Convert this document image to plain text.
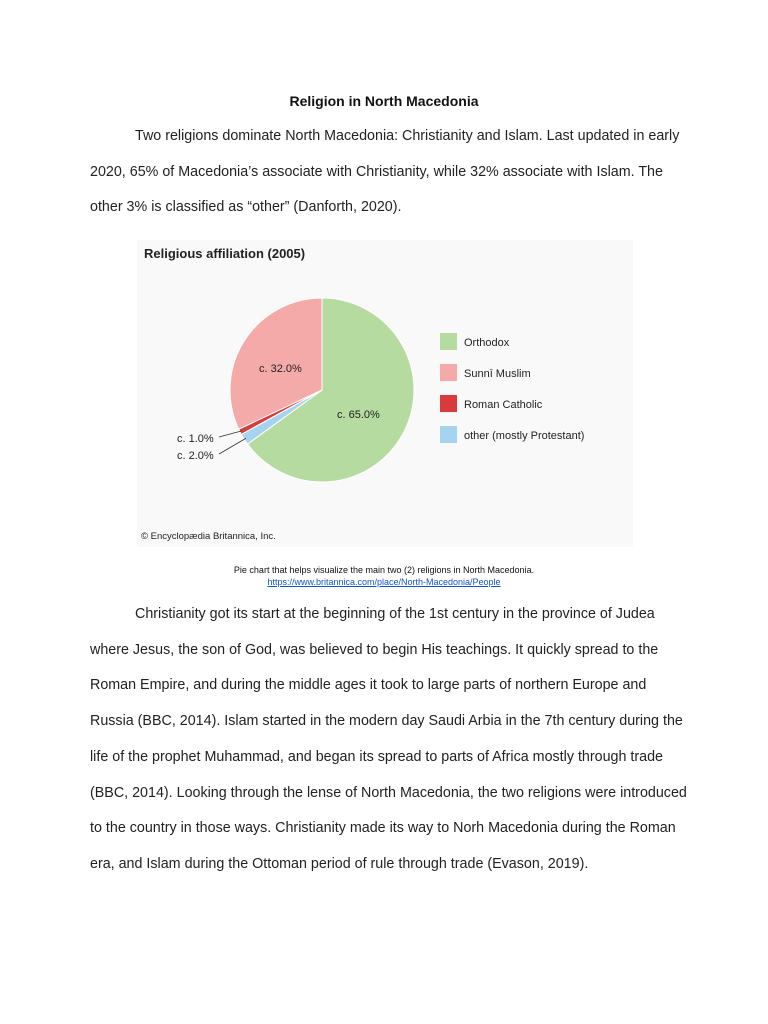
Religion in North Macedonia

Two religions dominate North Macedonia: Christianity and Islam. Last updated in early 2020, 65% of Macedonia’s associate with Christianity, while 32% associate with Islam. The other 3% is classified as “other” (Danforth, 2020).

Religious affiliation (2005)
c. 65.0%
c. 2.0%
c. 1.0%
c. 32.0%
Orthodox
Sunnī Muslim
Roman Catholic
other (mostly Protestant)
© Encyclopædia Britannica, Inc.
Pie chart that helps visualize the main two (2) religions in North Macedonia.
https://www.britannica.com/place/North-Macedonia/People

Christianity got its start at the beginning of the 1st century in the province of Judea where Jesus, the son of God, was believed to begin His teachings. It quickly spread to the Roman Empire, and during the middle ages it took to large parts of northern Europe and Russia (BBC, 2014). Islam started in the modern day Saudi Arbia in the 7th century during the life of the prophet Muhammad, and began its spread to parts of Africa mostly through trade (BBC, 2014). Looking through the lense of North Macedonia, the two religions were introduced to the country in those ways. Christianity made its way to Norh Macedonia during the Roman era, and Islam during the Ottoman period of rule through trade (Evason, 2019).
